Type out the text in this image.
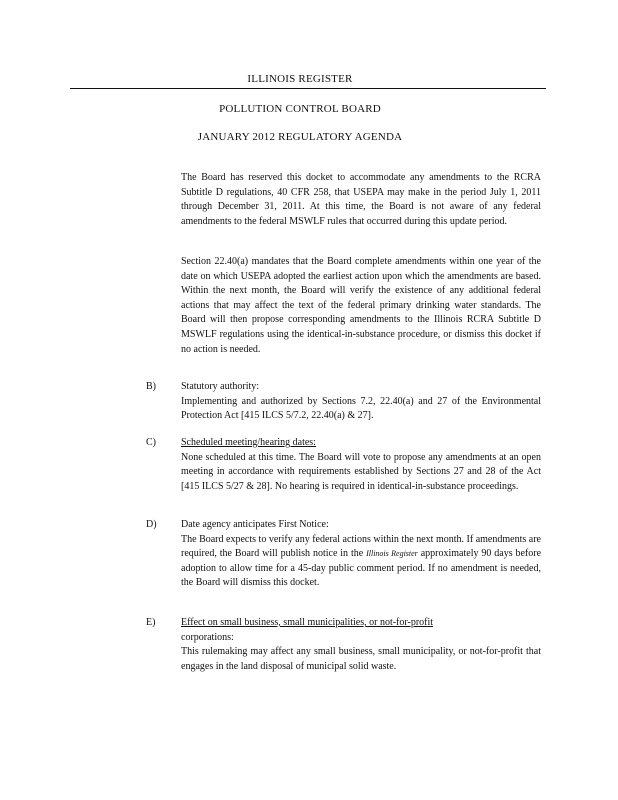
ILLINOIS REGISTER
POLLUTION CONTROL BOARD
JANUARY 2012 REGULATORY AGENDA
The Board has reserved this docket to accommodate any amendments to the RCRA Subtitle D regulations, 40 CFR 258, that USEPA may make in the period July 1, 2011 through December 31, 2011. At this time, the Board is not aware of any federal amendments to the federal MSWLF rules that occurred during this update period.
Section 22.40(a) mandates that the Board complete amendments within one year of the date on which USEPA adopted the earliest action upon which the amendments are based. Within the next month, the Board will verify the existence of any additional federal actions that may affect the text of the federal primary drinking water standards. The Board will then propose corresponding amendments to the Illinois RCRA Subtitle D MSWLF regulations using the identical-in-substance procedure, or dismiss this docket if no action is needed.
B)	Statutory authority:
Implementing and authorized by Sections 7.2, 22.40(a) and 27 of the Environmental Protection Act [415 ILCS 5/7.2, 22.40(a) & 27].
C)	Scheduled meeting/hearing dates:
None scheduled at this time. The Board will vote to propose any amendments at an open meeting in accordance with requirements established by Sections 27 and 28 of the Act [415 ILCS 5/27 & 28]. No hearing is required in identical-in-substance proceedings.
D) Date agency anticipates First Notice:
The Board expects to verify any federal actions within the next month. If amendments are required, the Board will publish notice in the Illinois Register approximately 90 days before adoption to allow time for a 45-day public comment period. If no amendment is needed, the Board will dismiss this docket.
E)	Effect on small business, small municipalities, or not-for-profit
corporations:
This rulemaking may affect any small business, small municipality, or not-for-profit that engages in the land disposal of municipal solid waste.
